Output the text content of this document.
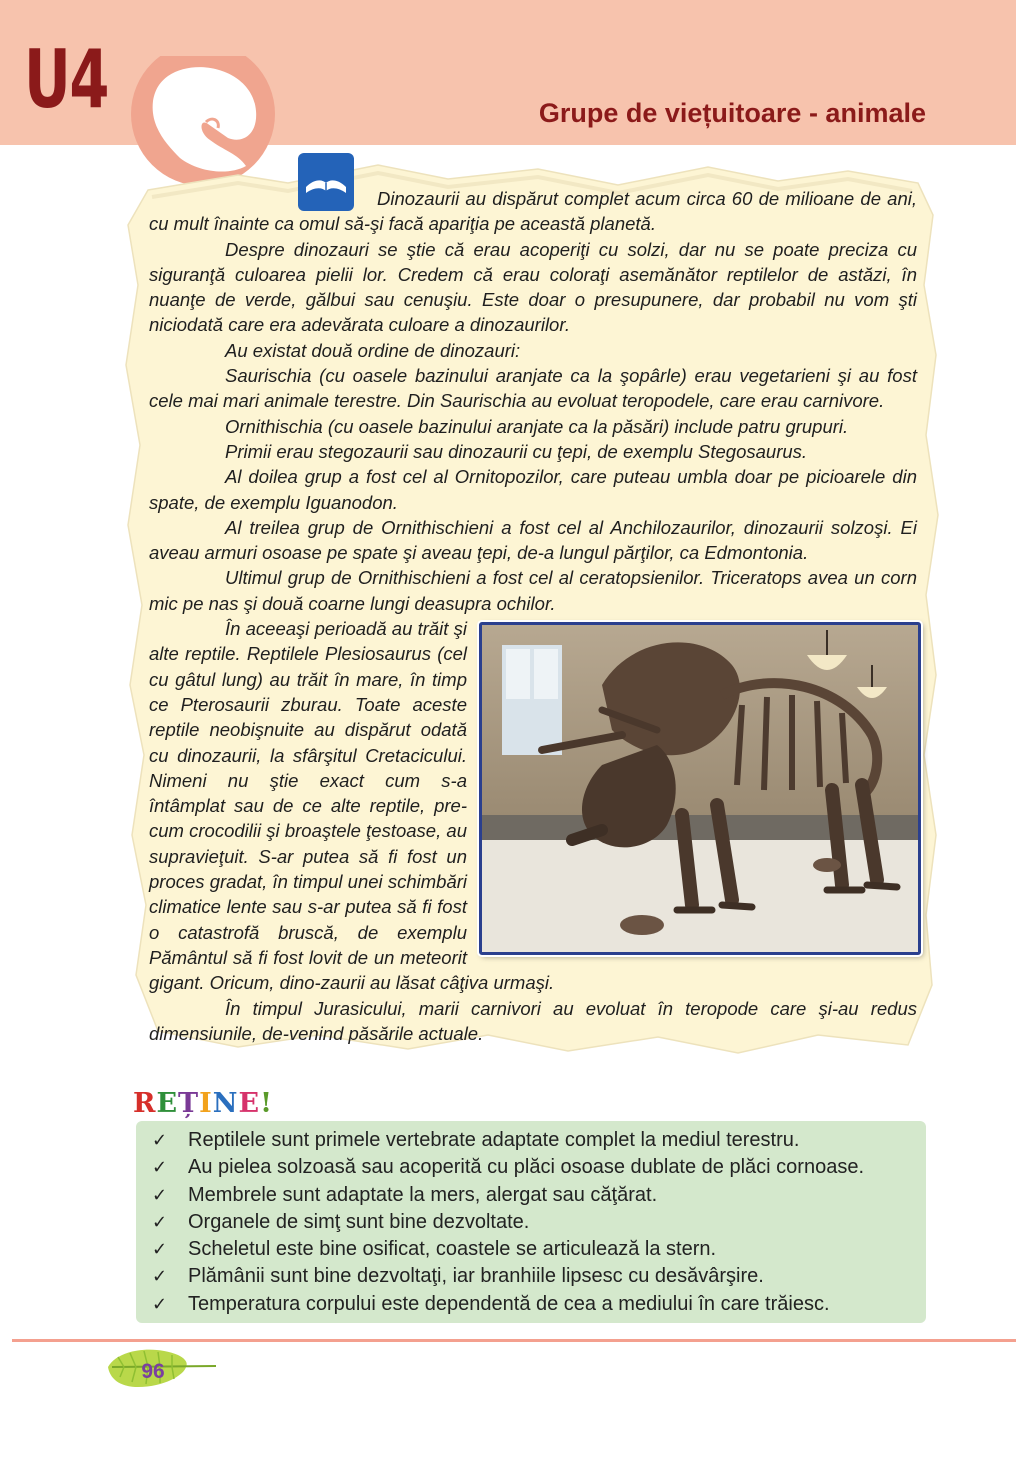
U4	Grupe de viețuitoare - animale

Dinozaurii au dispărut complet acum circa 60 de milioane de ani, cu mult înainte ca omul să-şi facă apariţia pe această planetă.

Despre dinozauri se ştie că erau acoperiţi cu solzi, dar nu se poate preciza cu siguranţă culoarea pielii lor. Credem că erau coloraţi asemănător reptilelor de astăzi, în nuanţe de verde, gălbui sau cenuşiu. Este doar o presupunere, dar probabil nu vom şti niciodată care era adevărata culoare a dinozaurilor.

Au existat două ordine de dinozauri:

Saurischia (cu oasele bazinului aranjate ca la şopârle) erau vegetarieni şi au fost cele mai mari animale terestre. Din Saurischia au evoluat teropodele, care erau carnivore.

Ornithischia (cu oasele bazinului aranjate ca la păsări) include patru grupuri.

Primii erau stegozaurii sau dinozaurii cu ţepi, de exemplu Stegosaurus.

Al doilea grup a fost cel al Ornitopozilor, care puteau umbla doar pe picioarele din spate, de exemplu Iguanodon.

Al treilea grup de Ornithischieni a fost cel al Anchilozaurilor, dinozaurii solzoşi. Ei aveau armuri osoase pe spate şi aveau ţepi, de-a lungul părţilor, ca Edmontonia.

Ultimul grup de Ornithischieni a fost cel al ceratopsienilor. Triceratops avea un corn mic pe nas şi două coarne lungi deasupra ochilor.

În aceeaşi perioadă au trăit şi alte reptile. Reptilele Plesiosaurus (cel cu gâtul lung) au trăit în mare, în timp ce Pterosaurii zburau. Toate aceste reptile neobişnuite au dispărut odată cu dinozaurii, la sfârşitul Cretacicului. Nimeni nu ştie exact cum s-a întâmplat sau de ce alte reptile, pre-cum crocodilii şi broaştele ţestoase, au supravieţuit. S-ar putea să fi fost un proces gradat, în timpul unei schimbări climatice lente sau s-ar putea să fi fost o catastrofă bruscă, de exemplu Pământul să fi fost lovit de un meteorit gigant. Oricum, dino-zaurii au lăsat câţiva urmaşi.

În timpul Jurasicului, marii carnivori au evoluat în teropode care şi-au redus dimensiunile, de-venind păsările actuale.

REȚINE!
✓ Reptilele sunt primele vertebrate adaptate complet la mediul terestru.
✓ Au pielea solzoasă sau acoperită cu plăci osoase dublate de plăci cornoase.
✓ Membrele sunt adaptate la mers, alergat sau căţărat.
✓ Organele de simţ sunt bine dezvoltate.
✓ Scheletul este bine osificat, coastele se articulează la stern.
✓ Plămânii sunt bine dezvoltaţi, iar branhiile lipsesc cu desăvârşire.
✓ Temperatura corpului este dependentă de cea a mediului în care trăiesc.

96
